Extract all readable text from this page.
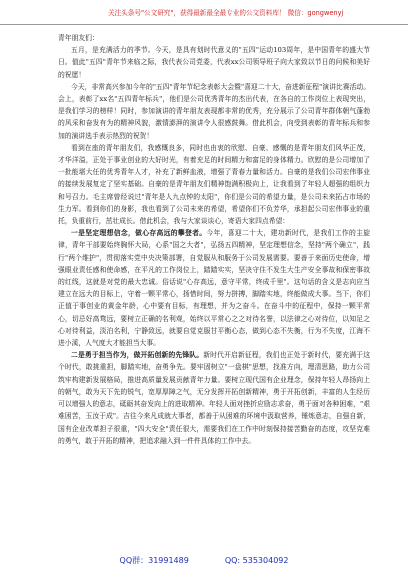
关注头条号"公文研究"，获得最新最全最专业的公文资料库！ 微信：gongwenyj

青年朋友们：

五月，是充满活力的季节。今天，是具有划时代意义的"五四"运动103周年，是中国青年的盛大节日。值此"五四"青年节来临之际，我代表公司党委，代表xx公司领导班子向大家致以节日的问候和美好的祝愿！

今天，非常高兴参加今年的"五四"青年节纪念表彰大会暨"喜迎二十大，奋进新征程"演讲比赛活动。会上，表彰了xx名"五四青年标兵"，他们是公司优秀青年的杰出代表，在各自的工作岗位上表现突出，是我们学习的榜样！同时，参加演讲的青年朋友表现都非常的优秀，充分展示了公司青年群体朝气蓬勃的风采和奋发有为的精神风貌，激情澎湃的演讲令人很感鼓舞。借此机会，向受到表彰的青年标兵和参加的演讲选手表示热烈的祝贺！

看到在座的青年朋友们，我感慨良多，同时也由衷的欣慰、自豪、感慨的是青年朋友们风华正茂，才华洋溢，正处于事业创业的大好时光，有着充足的时间精力和富足的身体精力。欣慰的是公司增加了一批能堪大任的优秀青年人才，补充了新鲜血液，增强了青春力量和活力。自豪的是我们公司宏伟事业的接续发展复定了坚实基础。自豪的是青年朋友们精神饱满积极向上，让我看到了年轻人超强的组织力和号召力。毛主席曾经说过"青年是人九点钟的太阳"，你们是公司的希望力量，是公司未来拓占市场的生力军。看到你们的身影，我也看到了公司未来的希望，希望你们不负芳华，承担起公司宏伟事业的重托，负重前行，茁壮成长。借此机会，我与大家谈谈心，寄语大家四点希望：

一是坚定理想信念，做心存高远的攀登者。今年，喜迎二十大，建功新时代，是我们工作的主旋律，青年干部要始终胸怀大局，心系"国之大者"，弘扬五四精神，坚定理想信念，坚持"两个确立"，践行"两个维护"，贯彻落实党中央决策部署，自觉服从和服务于公司发展需要。要善于来面历史使命，增强眼业责任感和使命感，在平凡的工作岗位上，踏踏实实，坚决守住不发生大生产安全事故和保密事故的红线，这就是对党的最大忠诚。俗话说"心存高远，意守平常，终成千里"。这句话的含义是志向应当建立在远大的目标上，守着一颗平常心，扬惜时间，努力拼搏，脚踏实地，终能做成大事。当下，你们正值于事创业的黄金年龄，心中要有目标，有理想，并为之奋斗。在奋斗中的征程中，保持一颗平常心，切忌好高骛远，要树立正确的名利观，始终以平常心之之对待名誉，以法律之心对待位，以知足之心对待利益，淡泊名利，宁静致远，就要自觉克服甘平衡心态，做到心态不失衡，行为不失度，江海不进小溪，人气度大才能担当大事。

二是勇于担当作为，做开拓创新的先锋队。新时代开启新征程，我们也正处于新时代，要充满于这个时代，敢挑重担，脚踏实地，奋勇争先。要牢固树立"一盘棋"思想，找准方向，理清思路，助力公司筑牢构建新发展格局，推进高质量发展贡献青年力量。要树立现代国有企业理念，保持年轻人昂扬向上的朝气，敢为天下先的锐气，宽厚厚障之气，无分发挥开拓创新精神，勇于开拓创新，丰富的人生经历可以增强人的意志，砥砺其奋发向上的进取精神。年轻人面对挫折应励志求奋，勇于面对各种困难，"艰难困苦，玉汝于成"。吉往今来凡成就大事者，都善于从困难的环境中汲取营养，锤炼意志，自强自新，国有企业改革担子很重，"四大安全"责任很大，需要我们在工作中时刻保持接苦勤奋的态度，攻坚克难的勇气，敢于开拓的精神，把追求融入到一件件具体的工作中去。

QQ群：31991489	QQ: 535304092
